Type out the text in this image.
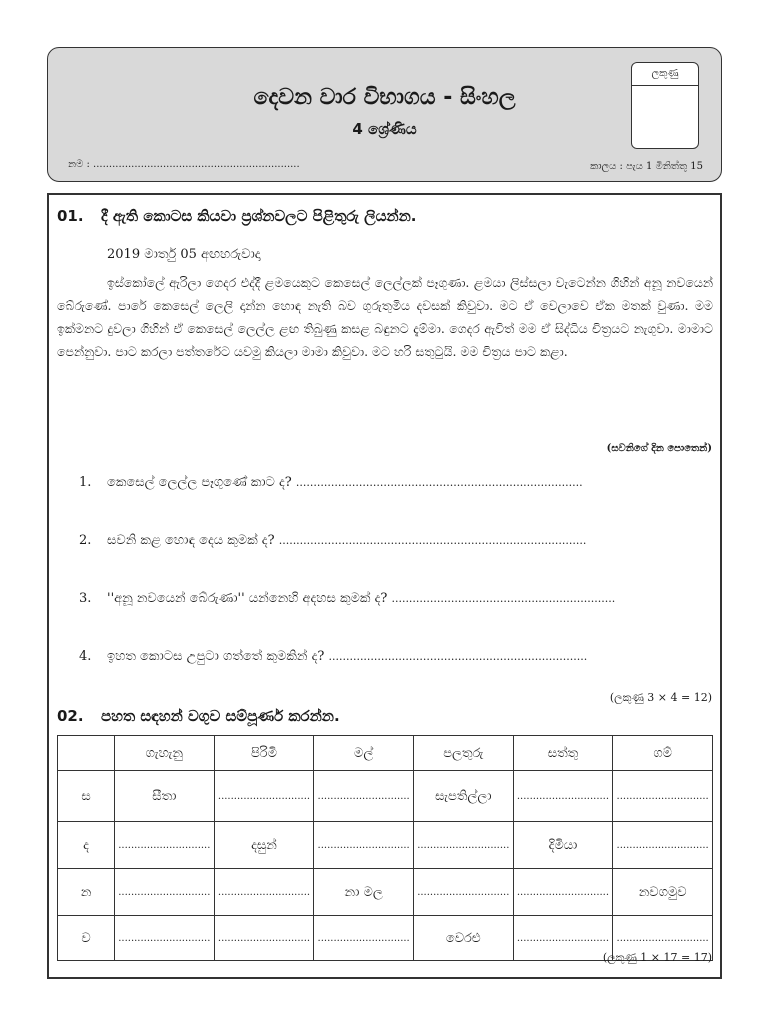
දෙවන වාර විභාගය - සිංහල
4 ශ්‍රේණිය
නම : .................................................................	කාලය : පැය 1 මිනිත්තු 15
ලකුණු
01. දී ඇති කොටස කියවා ප්‍රශ්නවලට පිළිතුරු ලියන්න.
2019 මාර්තු 05 අඟහරුවාදා

ඉස්කෝලේ ඇරිලා ගෙදර එද්දී ළමයෙකුට කෙසෙල් ලෙල්ලක් පෑගුණා. ළමයා ලිස්සලා වැටෙන්න ගිහින් අනූ නවයෙන් බේරුණේ. පාරේ කෙසෙල් ලෙලි දාන්න හොඳ නැති බව ගුරුතුමිය දවසක් කිවුවා. මට ඒ වෙලාවෙ ඒක මතක් වුණා. මම ඉක්මනට දුවලා ගිහින් ඒ කෙසෙල් ලෙල්ල ළඟ තිබුණු කසළ බඳුනට දැම්මා. ගෙදර ඇවිත් මම ඒ සිද්ධිය චිත්‍රයට නැගුවා. මාමාට පෙන්නුවා. පාට කරලා පත්තරේට යවමු කියලා මාමා කිවුවා. මට හරි සතුටුයි. මම චිත්‍රය පාට කළා.

(සවනිගේ දින පොතෙන්)
1. කෙසෙල් ලෙල්ල පෑගුණේ කාට ද? ..................................................................................
2. සවනි කළ හොඳ දෙය කුමක් ද? ........................................................................................
3. ''අනූ නවයෙන් බේරුණා'' යන්නෙහි අදහස කුමක් ද? ................................................................
4. ඉහත කොටස උපුටා ගත්තේ කුමකින් ද? ..........................................................................
(ලකුණු 3 × 4 = 12)
02. පහත සඳහන් වගුව සම්පූර්ණ කරන්න.
	ගැහැනු	පිරිමි	මල්	පලතුරු	සත්තු	ගම්
ස	සීතා	.............................	.............................	සැපතිල්ලා	.............................	.............................
ද	.............................	දසුන්	.............................	.............................	දිමියා	.............................
න	.............................	.............................	නා මල	.............................	.............................	නවගමුව
ව	.............................	.............................	.............................	වෙරළු	.............................	.............................
(ලකුණු 1 × 17 = 17)
